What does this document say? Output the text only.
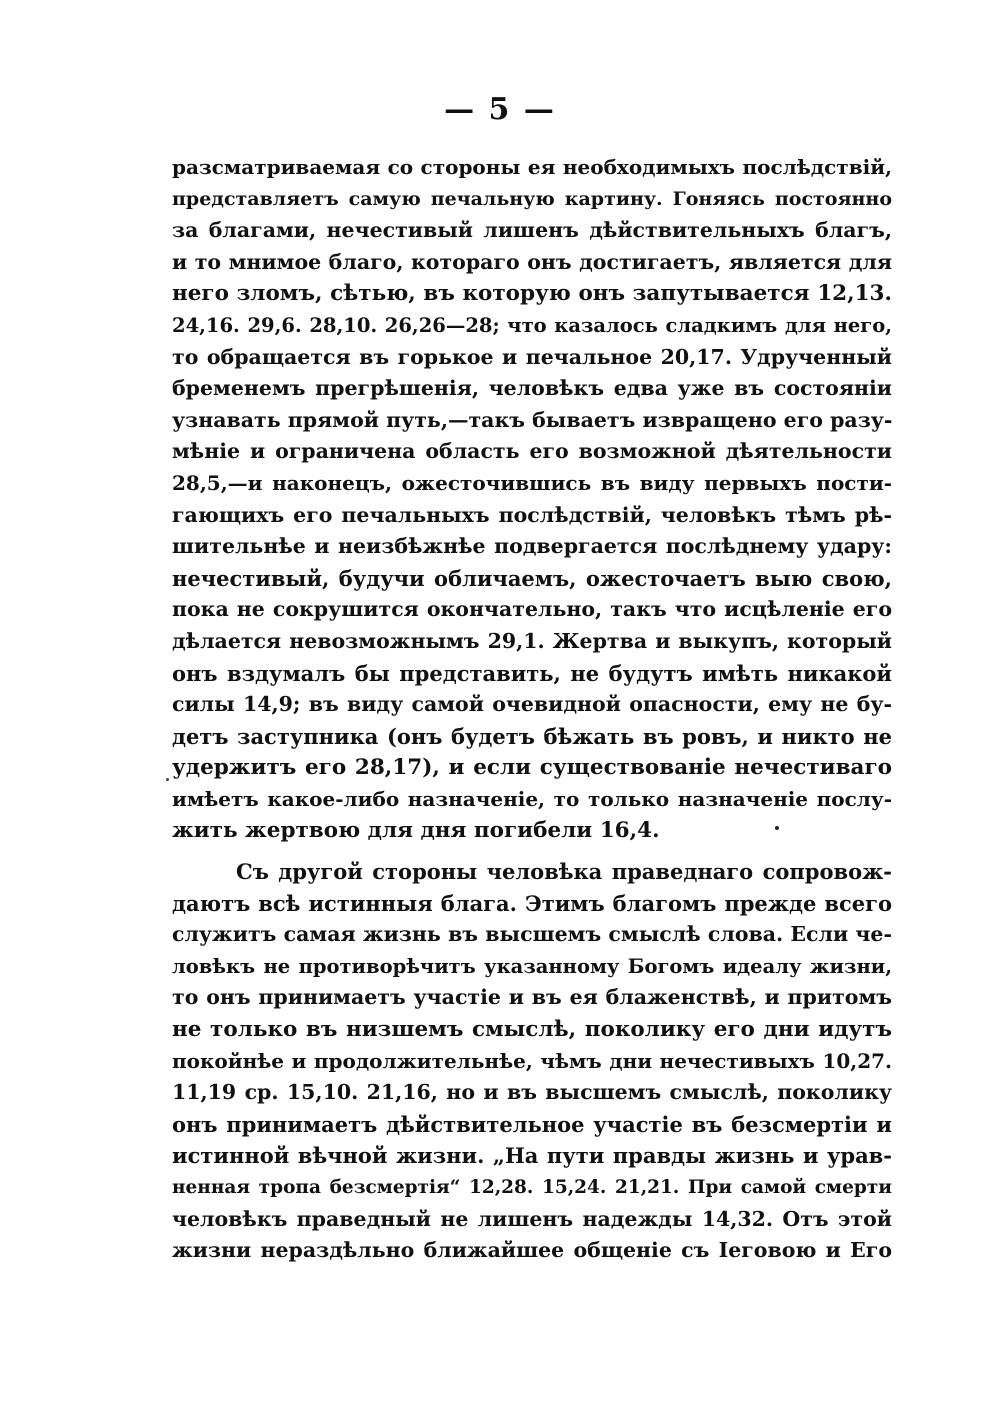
— 5 —
разсматриваемая со стороны ея необходимыхъ послѣдствій,
представляетъ самую печальную картину. Гоняясь постоянно
за благами, нечестивый лишенъ дѣйствительныхъ благъ,
и то мнимое благо, котораго онъ достигаетъ, является для
него зломъ, сѣтью, въ которую онъ запутывается 12,13.
24,16. 29,6. 28,10. 26,26—28; что казалось сладкимъ для него,
то обращается въ горькое и печальное 20,17. Удрученный
бременемъ прегрѣшенія, человѣкъ едва уже въ состояніи
узнавать прямой путь,—такъ бываетъ извращено его разу-
мѣніе и ограничена область его возможной дѣятельности
28,5,—и наконецъ, ожесточившись въ виду первыхъ пости-
гающихъ его печальныхъ послѣдствій, человѣкъ тѣмъ рѣ-
шительнѣе и неизбѣжнѣе подвергается послѣднему удару:
нечестивый, будучи обличаемъ, ожесточаетъ выю свою,
пока не сокрушится окончательно, такъ что исцѣленіе его
дѣлается невозможнымъ 29,1. Жертва и выкупъ, который
онъ вздумалъ бы представить, не будутъ имѣть никакой
силы 14,9; въ виду самой очевидной опасности, ему не бу-
детъ заступника (онъ будетъ бѣжать въ ровъ, и никто не
удержитъ его 28,17), и если существованіе нечестиваго
имѣетъ какое-либо назначеніе, то только назначеніе послу-
жить жертвою для дня погибели 16,4.
Съ другой стороны человѣка праведнаго сопровож-
даютъ всѣ истинныя блага. Этимъ благомъ прежде всего
служитъ самая жизнь въ высшемъ смыслѣ слова. Если че-
ловѣкъ не противорѣчитъ указанному Богомъ идеалу жизни,
то онъ принимаетъ участіе и въ ея блаженствѣ, и притомъ
не только въ низшемъ смыслѣ, поколику его дни идутъ
покойнѣе и продолжительнѣе, чѣмъ дни нечестивыхъ 10,27.
11,19 ср. 15,10. 21,16, но и въ высшемъ смыслѣ, поколику
онъ принимаетъ дѣйствительное участіе въ безсмертіи и
истинной вѣчной жизни. „На пути правды жизнь и урав-
ненная тропа безсмертія“ 12,28. 15,24. 21,21. При самой смерти
человѣкъ праведный не лишенъ надежды 14,32. Отъ этой
жизни нераздѣльно ближайшее общеніе съ Іеговою и Его
